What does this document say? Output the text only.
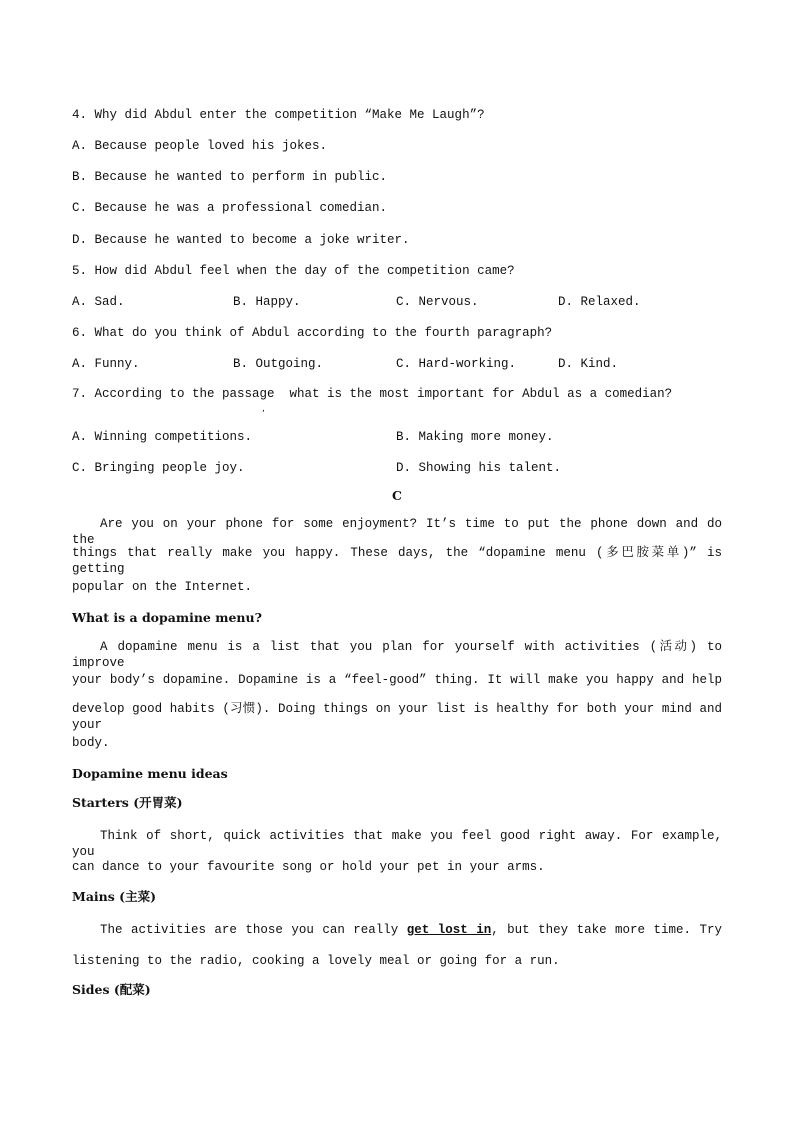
4. Why did Abdul enter the competition “Make Me Laugh”?
A. Because people loved his jokes.
B. Because he wanted to perform in public.
C. Because he was a professional comedian.
D. Because he wanted to become a joke writer.
5. How did Abdul feel when the day of the competition came?
A. Sad.	B. Happy.	C. Nervous.	D. Relaxed.
6. What do you think of Abdul according to the fourth paragraph?
A. Funny.	B. Outgoing.	C. Hard-working.	D. Kind.
7. According to the passage  what is the most important for Abdul as a comedian?
,
A. Winning competitions.	B. Making more money.
C. Bringing people joy.	D. Showing his talent.
C
Are you on your phone for some enjoyment? It’s time to put the phone down and do the
things that really make you happy. These days, the “dopamine menu (多巴胺菜单)” is getting
popular on the Internet.
What is a dopamine menu?
A dopamine menu is a list that you plan for yourself with activities (活动) to improve
your body’s dopamine. Dopamine is a “feel-good” thing. It will make you happy and help
develop good habits (习惯). Doing things on your list is healthy for both your mind and your
body.
Dopamine menu ideas
Starters (开胃菜)
Think of short, quick activities that make you feel good right away. For example, you
can dance to your favourite song or hold your pet in your arms.
Mains (主菜)
The activities are those you can really get lost in, but they take more time. Try
listening to the radio, cooking a lovely meal or going for a run.
Sides (配菜)
